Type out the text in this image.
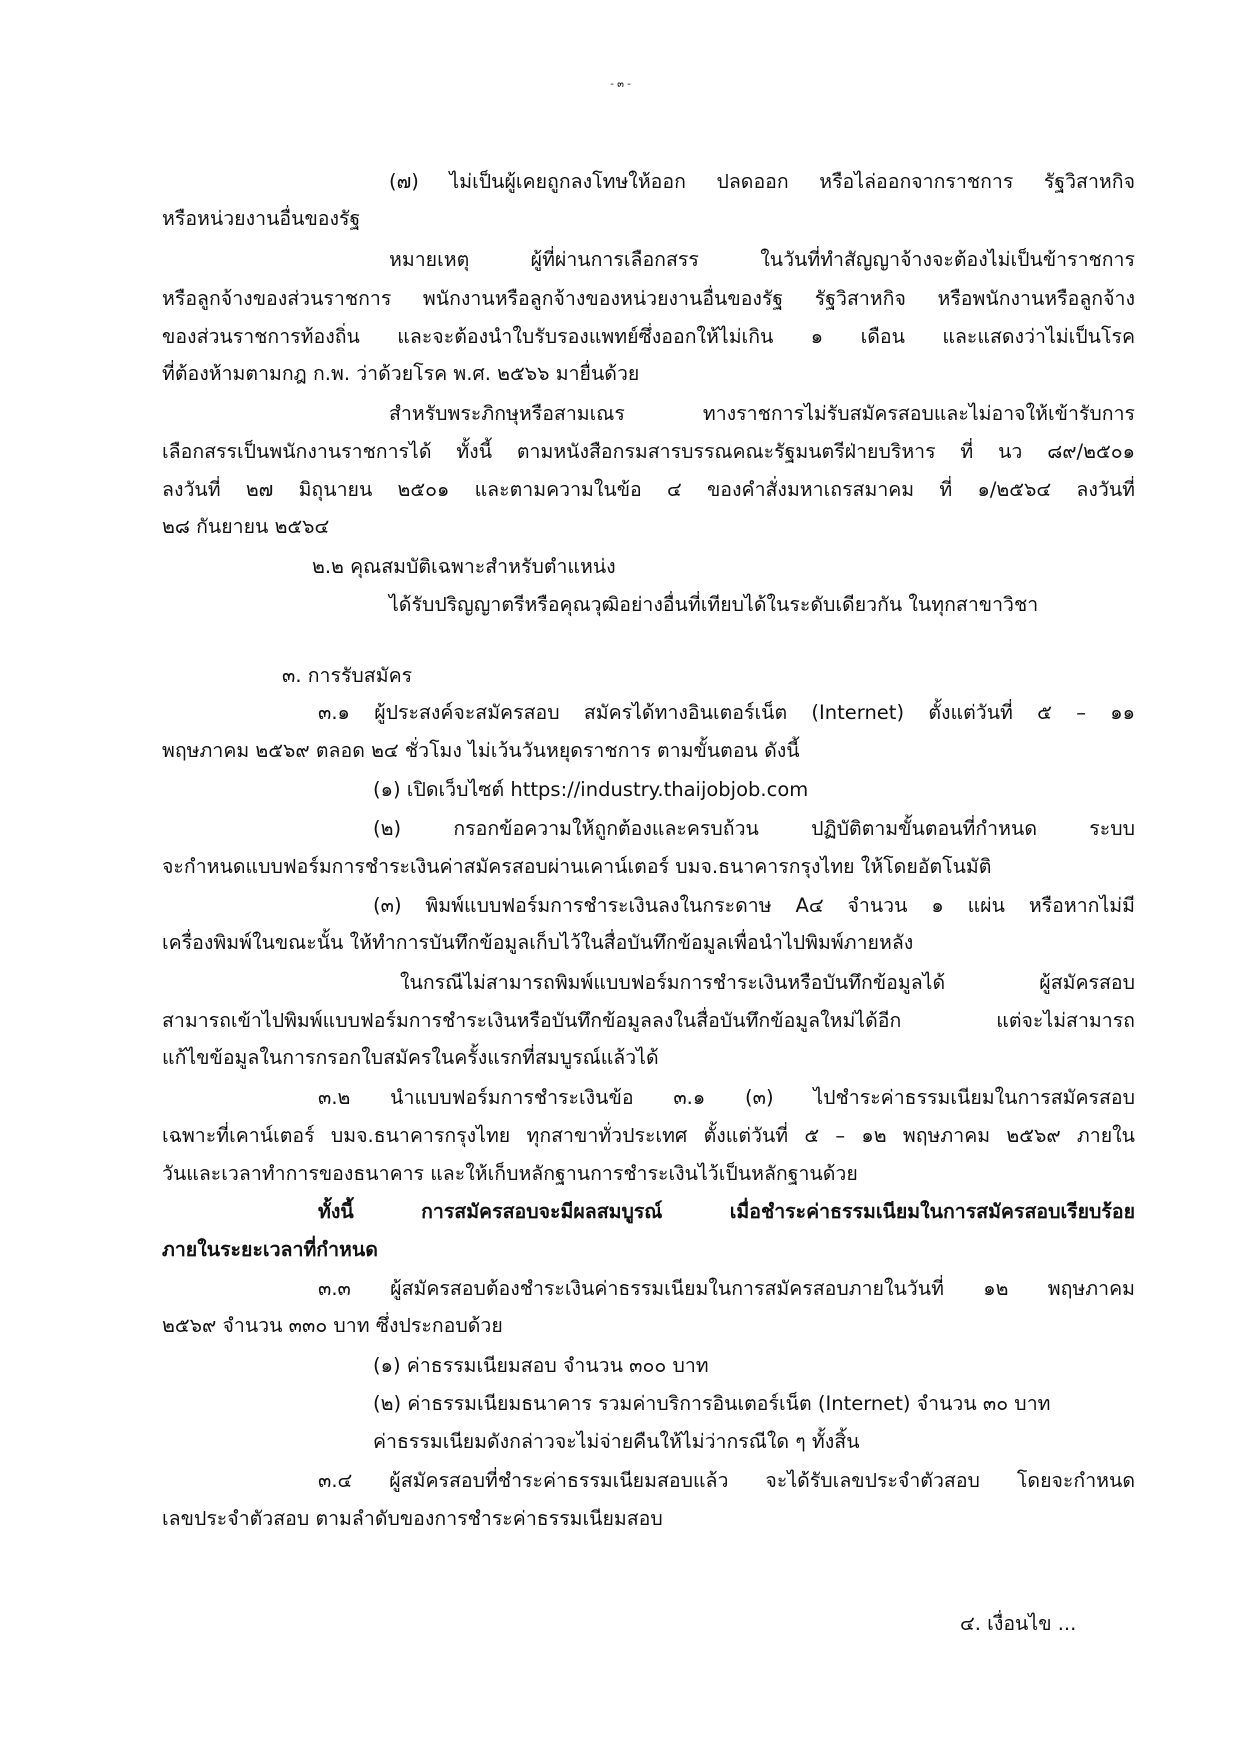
- ๓ -
(๗) ไม่เป็นผู้เคยถูกลงโทษให้ออก ปลดออก หรือไล่ออกจากราชการ รัฐวิสาหกิจ
หรือหน่วยงานอื่นของรัฐ
หมายเหตุ ผู้ที่ผ่านการเลือกสรร ในวันที่ทำสัญญาจ้างจะต้องไม่เป็นข้าราชการ
หรือลูกจ้างของส่วนราชการ พนักงานหรือลูกจ้างของหน่วยงานอื่นของรัฐ รัฐวิสาหกิจ หรือพนักงานหรือลูกจ้าง
ของส่วนราชการท้องถิ่น และจะต้องนำใบรับรองแพทย์ซึ่งออกให้ไม่เกิน ๑ เดือน และแสดงว่าไม่เป็นโรค
ที่ต้องห้ามตามกฎ ก.พ. ว่าด้วยโรค พ.ศ. ๒๕๖๖ มายื่นด้วย
สำหรับพระภิกษุหรือสามเณร ทางราชการไม่รับสมัครสอบและไม่อาจให้เข้ารับการ
เลือกสรรเป็นพนักงานราชการได้ ทั้งนี้ ตามหนังสือกรมสารบรรณคณะรัฐมนตรีฝ่ายบริหาร ที่ นว ๘๙/๒๕๐๑
ลงวันที่ ๒๗ มิถุนายน ๒๕๐๑ และตามความในข้อ ๔ ของคำสั่งมหาเถรสมาคม ที่ ๑/๒๕๖๔ ลงวันที่
๒๘ กันยายน ๒๕๖๔
๒.๒ คุณสมบัติเฉพาะสำหรับตำแหน่ง
ได้รับปริญญาตรีหรือคุณวุฒิอย่างอื่นที่เทียบได้ในระดับเดียวกัน ในทุกสาขาวิชา
๓. การรับสมัคร
๓.๑ ผู้ประสงค์จะสมัครสอบ สมัครได้ทางอินเตอร์เน็ต (Internet) ตั้งแต่วันที่ ๕ – ๑๑
พฤษภาคม ๒๕๖๙ ตลอด ๒๔ ชั่วโมง ไม่เว้นวันหยุดราชการ ตามขั้นตอน ดังนี้
(๑) เปิดเว็บไซต์ https://industry.thaijobjob.com
(๒) กรอกข้อความให้ถูกต้องและครบถ้วน ปฏิบัติตามขั้นตอนที่กำหนด ระบบ
จะกำหนดแบบฟอร์มการชำระเงินค่าสมัครสอบผ่านเคาน์เตอร์ บมจ.ธนาคารกรุงไทย ให้โดยอัตโนมัติ
(๓) พิมพ์แบบฟอร์มการชำระเงินลงในกระดาษ A๔ จำนวน ๑ แผ่น หรือหากไม่มี
เครื่องพิมพ์ในขณะนั้น ให้ทำการบันทึกข้อมูลเก็บไว้ในสื่อบันทึกข้อมูลเพื่อนำไปพิมพ์ภายหลัง
ในกรณีไม่สามารถพิมพ์แบบฟอร์มการชำระเงินหรือบันทึกข้อมูลได้ ผู้สมัครสอบ
สามารถเข้าไปพิมพ์แบบฟอร์มการชำระเงินหรือบันทึกข้อมูลลงในสื่อบันทึกข้อมูลใหม่ได้อีก แต่จะไม่สามารถ
แก้ไขข้อมูลในการกรอกใบสมัครในครั้งแรกที่สมบูรณ์แล้วได้
๓.๒ นำแบบฟอร์มการชำระเงินข้อ ๓.๑ (๓) ไปชำระค่าธรรมเนียมในการสมัครสอบ
เฉพาะที่เคาน์เตอร์ บมจ.ธนาคารกรุงไทย ทุกสาขาทั่วประเทศ ตั้งแต่วันที่ ๕ – ๑๒ พฤษภาคม ๒๕๖๙ ภายใน
วันและเวลาทำการของธนาคาร และให้เก็บหลักฐานการชำระเงินไว้เป็นหลักฐานด้วย
ทั้งนี้ การสมัครสอบจะมีผลสมบูรณ์ เมื่อชำระค่าธรรมเนียมในการสมัครสอบเรียบร้อย
ภายในระยะเวลาที่กำหนด
๓.๓ ผู้สมัครสอบต้องชำระเงินค่าธรรมเนียมในการสมัครสอบภายในวันที่ ๑๒ พฤษภาคม
๒๕๖๙ จำนวน ๓๓๐ บาท ซึ่งประกอบด้วย
(๑) ค่าธรรมเนียมสอบ จำนวน ๓๐๐ บาท
(๒) ค่าธรรมเนียมธนาคาร รวมค่าบริการอินเตอร์เน็ต (Internet) จำนวน ๓๐ บาท
ค่าธรรมเนียมดังกล่าวจะไม่จ่ายคืนให้ไม่ว่ากรณีใด ๆ ทั้งสิ้น
๓.๔ ผู้สมัครสอบที่ชำระค่าธรรมเนียมสอบแล้ว จะได้รับเลขประจำตัวสอบ โดยจะกำหนด
เลขประจำตัวสอบ ตามลำดับของการชำระค่าธรรมเนียมสอบ
๔. เงื่อนไข ...
